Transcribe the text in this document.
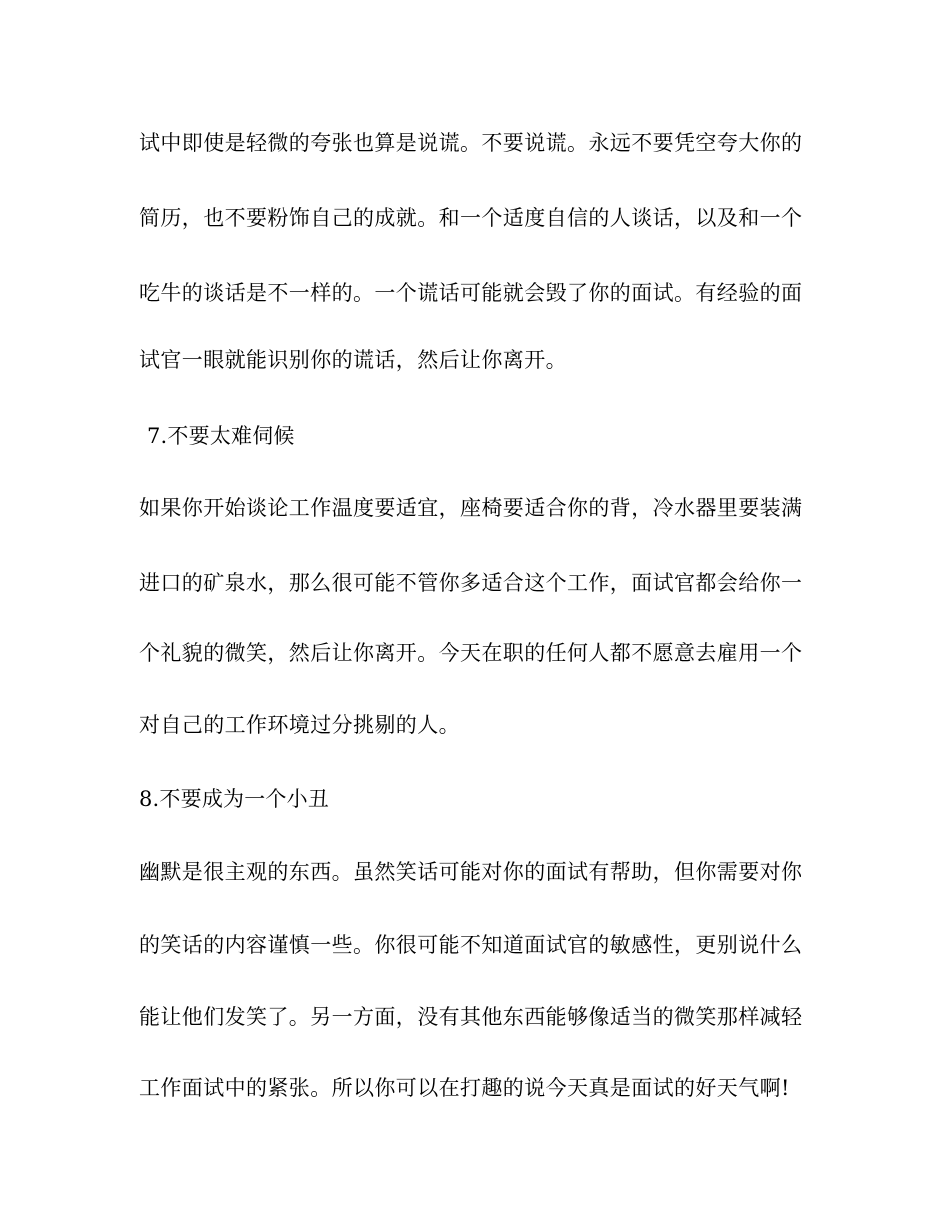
试中即使是轻微的夸张也算是说谎。不要说谎。永远不要凭空夸大你的
简历，也不要粉饰自己的成就。和一个适度自信的人谈话，以及和一个
吃牛的谈话是不一样的。一个谎话可能就会毁了你的面试。有经验的面
试官一眼就能识别你的谎话，然后让你离开。
7.不要太难伺候
如果你开始谈论工作温度要适宜，座椅要适合你的背，冷水器里要装满
进口的矿泉水，那么很可能不管你多适合这个工作，面试官都会给你一
个礼貌的微笑，然后让你离开。今天在职的任何人都不愿意去雇用一个
对自己的工作环境过分挑剔的人。
8.不要成为一个小丑
幽默是很主观的东西。虽然笑话可能对你的面试有帮助，但你需要对你
的笑话的内容谨慎一些。你很可能不知道面试官的敏感性，更别说什么
能让他们发笑了。另一方面，没有其他东西能够像适当的微笑那样减轻
工作面试中的紧张。所以你可以在打趣的说今天真是面试的好天气啊!
